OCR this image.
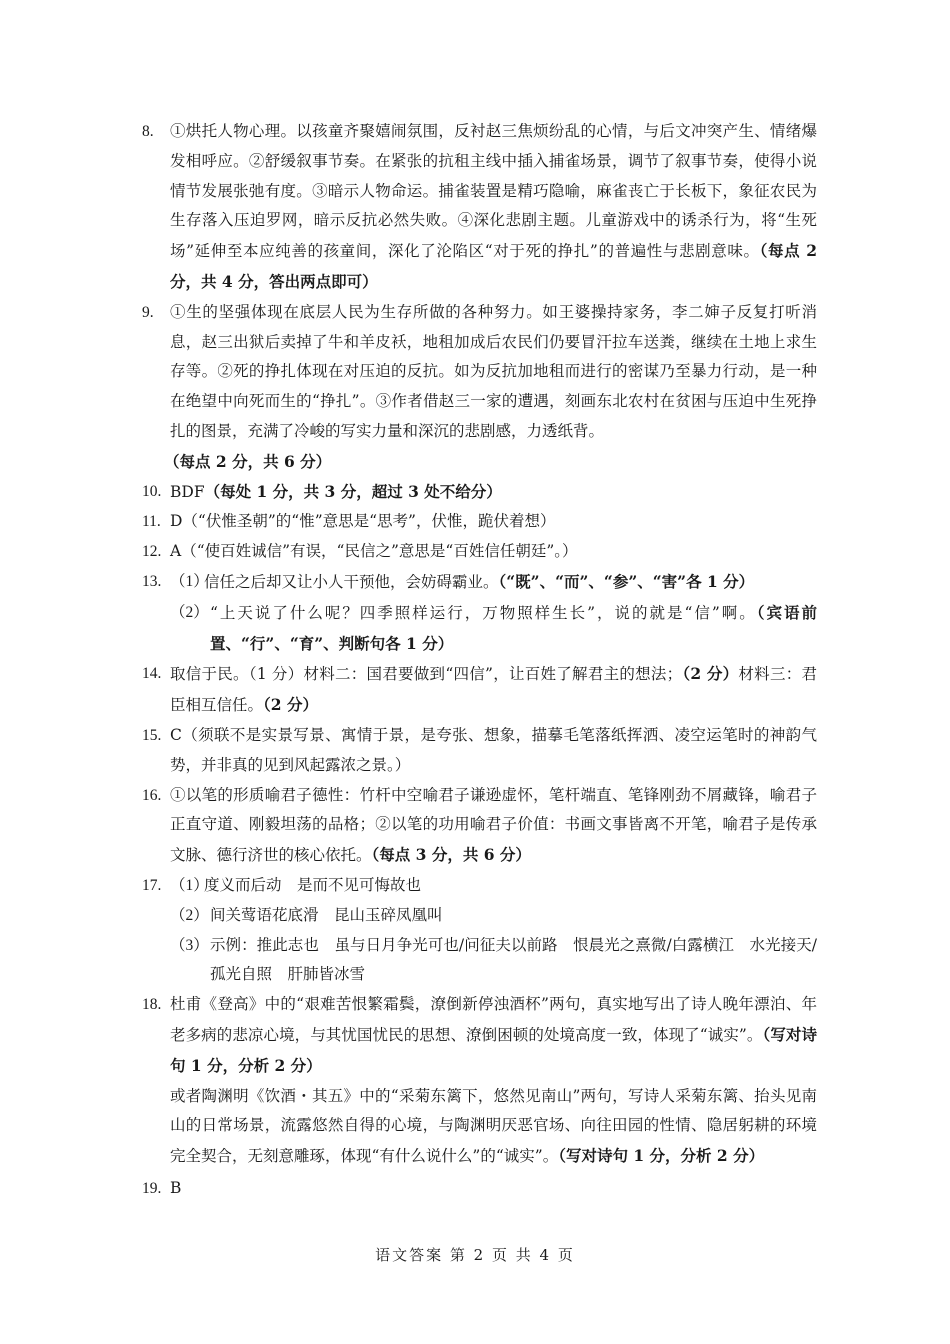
8. ①烘托人物心理。以孩童齐聚嬉闹氛围，反衬赵三焦烦纷乱的心情，与后文冲突产生、情绪爆发相呼应。②舒缓叙事节奏。在紧张的抗租主线中插入捕雀场景，调节了叙事节奏，使得小说情节发展张弛有度。③暗示人物命运。捕雀装置是精巧隐喻，麻雀丧亡于长板下，象征农民为生存落入压迫罗网，暗示反抗必然失败。④深化悲剧主题。儿童游戏中的诱杀行为，将“生死场”延伸至本应纯善的孩童间，深化了沦陷区“对于死的挣扎”的普遍性与悲剧意味。（每点 2 分，共 4 分，答出两点即可）
9. ①生的坚强体现在底层人民为生存所做的各种努力。如王婆操持家务，李二婶子反复打听消息，赵三出狱后卖掉了牛和羊皮袄，地租加成后农民们仍要冒汗拉车送粪，继续在土地上求生存等。②死的挣扎体现在对压迫的反抗。如为反抗加地租而进行的密谋乃至暴力行动，是一种在绝望中向死而生的“挣扎”。③作者借赵三一家的遭遇，刻画东北农村在贫困与压迫中生死挣扎的图景，充满了冷峻的写实力量和深沉的悲剧感，力透纸背。
（每点 2 分，共 6 分）
10. BDF（每处 1 分，共 3 分，超过 3 处不给分）
11. D（“伏惟圣朝”的“惟”意思是“思考”，伏惟，跪伏着想）
12. A（“使百姓诚信”有误，“民信之”意思是“百姓信任朝廷”。）
13. （1）
信任之后却又让小人干预他，会妨碍霸业。（“既”、“而”、“参”、“害”各 1 分）
（2） “上天说了什么呢？四季照样运行，万物照样生长”，说的就是“信”啊。（宾语前置、“行”、“育”、判断句各 1 分）
14. 取信于民。（1 分）材料二：国君要做到“四信”，让百姓了解君主的想法；（2 分）材料三：君臣相互信任。（2 分）
15. C（须联不是实景写景、寓情于景，是夸张、想象，描摹毛笔落纸挥洒、凌空运笔时的神韵气势，并非真的见到风起露浓之景。）
16. ①以笔的形质喻君子德性：竹杆中空喻君子谦逊虚怀，笔杆端直、笔锋刚劲不屑藏锋，喻君子正直守道、刚毅坦荡的品格；②以笔的功用喻君子价值：书画文事皆离不开笔，喻君子是传承文脉、德行济世的核心依托。（每点 3 分，共 6 分）
17. （1）
度义而后动　是而不见可悔故也
（2） 间关莺语花底滑　昆山玉碎凤凰叫
（3） 示例：推此志也　虽与日月争光可也/问征夫以前路　恨晨光之熹微/白露横江　水光接天/孤光自照　肝肺皆冰雪
18. 杜甫《登高》中的“艰难苦恨繁霜鬓，潦倒新停浊酒杯”两句，真实地写出了诗人晚年漂泊、年老多病的悲凉心境，与其忧国忧民的思想、潦倒困顿的处境高度一致，体现了“诚实”。（写对诗句 1 分，分析 2 分）
或者陶渊明《饮酒・其五》中的“采菊东篱下，悠然见南山”两句，写诗人采菊东篱、抬头见南山的日常场景，流露悠然自得的心境，与陶渊明厌恶官场、向往田园的性情、隐居躬耕的环境完全契合，无刻意雕琢，体现“有什么说什么”的“诚实”。（写对诗句 1 分，分析 2 分）
19. B
语文答案 第 2 页 共 4 页
